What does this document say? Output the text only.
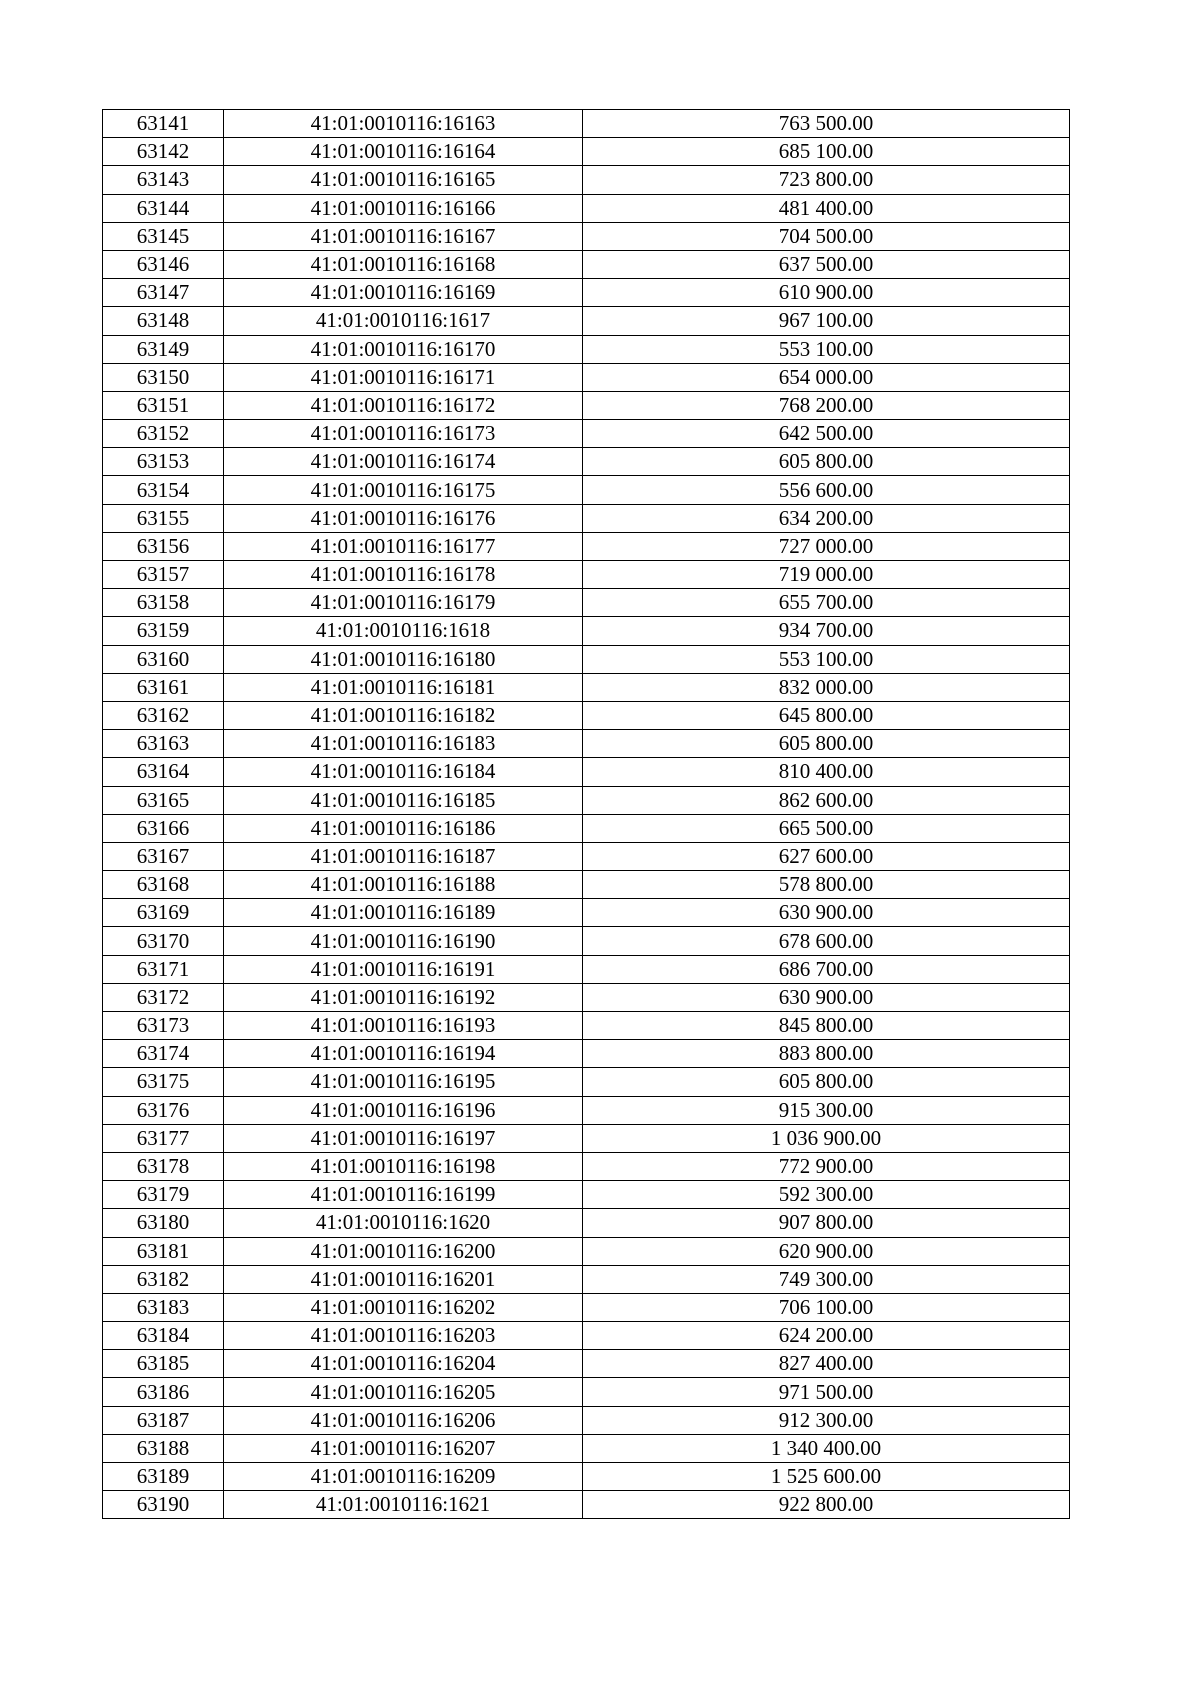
63141	41:01:0010116:16163	763 500.00
63142	41:01:0010116:16164	685 100.00
63143	41:01:0010116:16165	723 800.00
63144	41:01:0010116:16166	481 400.00
63145	41:01:0010116:16167	704 500.00
63146	41:01:0010116:16168	637 500.00
63147	41:01:0010116:16169	610 900.00
63148	41:01:0010116:1617	967 100.00
63149	41:01:0010116:16170	553 100.00
63150	41:01:0010116:16171	654 000.00
63151	41:01:0010116:16172	768 200.00
63152	41:01:0010116:16173	642 500.00
63153	41:01:0010116:16174	605 800.00
63154	41:01:0010116:16175	556 600.00
63155	41:01:0010116:16176	634 200.00
63156	41:01:0010116:16177	727 000.00
63157	41:01:0010116:16178	719 000.00
63158	41:01:0010116:16179	655 700.00
63159	41:01:0010116:1618	934 700.00
63160	41:01:0010116:16180	553 100.00
63161	41:01:0010116:16181	832 000.00
63162	41:01:0010116:16182	645 800.00
63163	41:01:0010116:16183	605 800.00
63164	41:01:0010116:16184	810 400.00
63165	41:01:0010116:16185	862 600.00
63166	41:01:0010116:16186	665 500.00
63167	41:01:0010116:16187	627 600.00
63168	41:01:0010116:16188	578 800.00
63169	41:01:0010116:16189	630 900.00
63170	41:01:0010116:16190	678 600.00
63171	41:01:0010116:16191	686 700.00
63172	41:01:0010116:16192	630 900.00
63173	41:01:0010116:16193	845 800.00
63174	41:01:0010116:16194	883 800.00
63175	41:01:0010116:16195	605 800.00
63176	41:01:0010116:16196	915 300.00
63177	41:01:0010116:16197	1 036 900.00
63178	41:01:0010116:16198	772 900.00
63179	41:01:0010116:16199	592 300.00
63180	41:01:0010116:1620	907 800.00
63181	41:01:0010116:16200	620 900.00
63182	41:01:0010116:16201	749 300.00
63183	41:01:0010116:16202	706 100.00
63184	41:01:0010116:16203	624 200.00
63185	41:01:0010116:16204	827 400.00
63186	41:01:0010116:16205	971 500.00
63187	41:01:0010116:16206	912 300.00
63188	41:01:0010116:16207	1 340 400.00
63189	41:01:0010116:16209	1 525 600.00
63190	41:01:0010116:1621	922 800.00
